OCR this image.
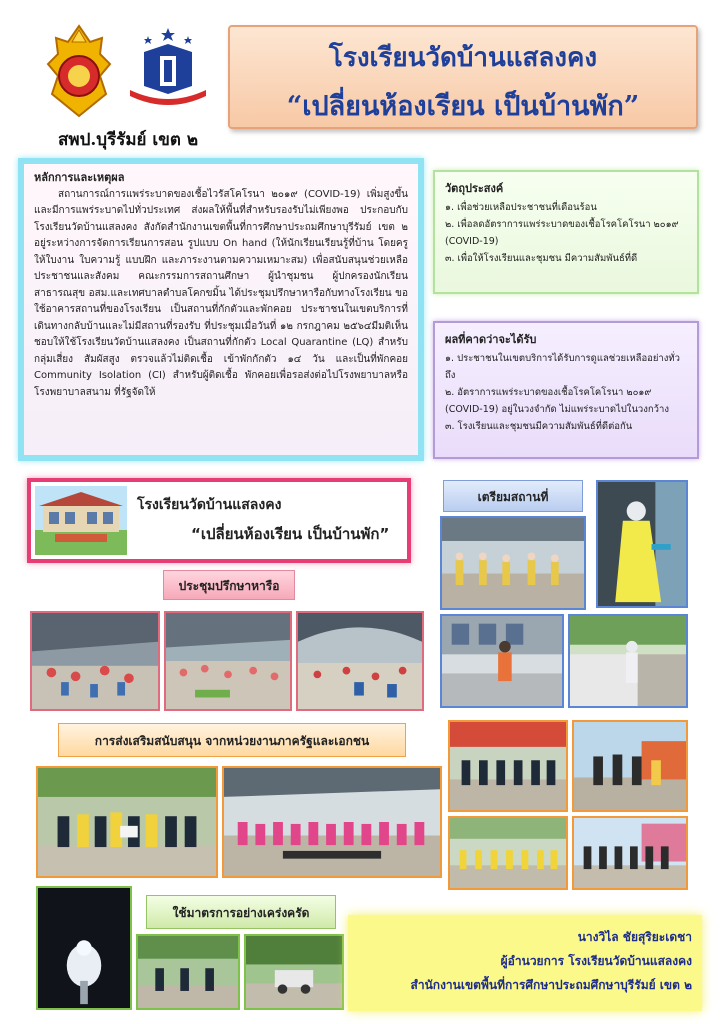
โรงเรียนวัดบ้านแสลงคง
“เปลี่ยนห้องเรียน เป็นบ้านพัก”
สพป.บุรีรัมย์ เขต ๒
หลักการและเหตุผล

สถานการณ์การแพร่ระบาดของเชื้อไวรัสโคโรนา ๒๐๑๙ (COVID-19) เพิ่มสูงขึ้น และมีการแพร่ระบาดไปทั่วประเทศ ส่งผลให้พื้นที่สำหรับรองรับไม่เพียงพอ ประกอบกับโรงเรียนวัดบ้านแสลงคง สังกัดสำนักงานเขตพื้นที่การศึกษาประถมศึกษาบุรีรัมย์ เขต ๒ อยู่ระหว่างการจัดการเรียนการสอน รูปแบบ On hand (ให้นักเรียนเรียนรู้ที่บ้าน โดยครูให้ใบงาน ใบความรู้ แบบฝึก และภาระงานตามความเหมาะสม) เพื่อสนับสนุนช่วยเหลือประชาชนและสังคม คณะกรรมการสถานศึกษา ผู้นำชุมชน ผู้ปกครองนักเรียน สาธารณสุข อสม.และเทศบาลตำบลโคกขมิ้น ได้ประชุมปรึกษาหารือกับทางโรงเรียน ขอใช้อาคารสถานที่ของโรงเรียน เป็นสถานที่กักตัวและพักคอย ประชาชนในเขตบริการที่เดินทางกลับบ้านและไม่มีสถานที่รองรับ ที่ประชุมเมื่อวันที่ ๑๒ กรกฎาคม ๒๕๖๔มีมติเห็นชอบให้ใช้โรงเรียนวัดบ้านแสลงคง เป็นสถานที่กักตัว Local Quarantine (LQ) สำหรับกลุ่มเสี่ยง สัมผัสสูง ตรวจแล้วไม่ติดเชื้อ เข้าพักกักตัว ๑๔ วัน และเป็นที่พักคอย Community Isolation (CI) สำหรับผู้ติดเชื้อ พักคอยเพื่อรอส่งต่อไปโรงพยาบาลหรือโรงพยาบาลสนาม ที่รัฐจัดให้

วัตถุประสงค์
๑. เพื่อช่วยเหลือประชาชนที่เดือนร้อน
๒. เพื่อลดอัตราการแพร่ระบาดของเชื้อโรคโคโรนา ๒๐๑๙ (COVID-19)
๓. เพื่อให้โรงเรียนและชุมชน มีความสัมพันธ์ที่ดี
ผลที่คาดว่าจะได้รับ
๑. ประชาชนในเขตบริการได้รับการดูแลช่วยเหลืออย่างทั่วถึง
๒. อัตราการแพร่ระบาดของเชื้อโรคโคโรนา ๒๐๑๙ (COVID-19) อยู่ในวงจำกัด ไม่แพร่ระบาดไปในวงกว้าง
๓. โรงเรียนและชุมชนมีความสัมพันธ์ที่ดีต่อกัน
โรงเรียนวัดบ้านแสลงคง
“เปลี่ยนห้องเรียน เป็นบ้านพัก”
ประชุมปรึกษาหารือ
เตรียมสถานที่
การส่งเสริมสนับสนุน จากหน่วยงานภาครัฐและเอกชน
ใช้มาตรการอย่างเคร่งครัด
นางวิไล ชัยสุริยะเดชา
ผู้อำนวยการ โรงเรียนวัดบ้านแสลงคง
สำนักงานเขตพื้นที่การศึกษาประถมศึกษาบุรีรัมย์ เขต ๒
